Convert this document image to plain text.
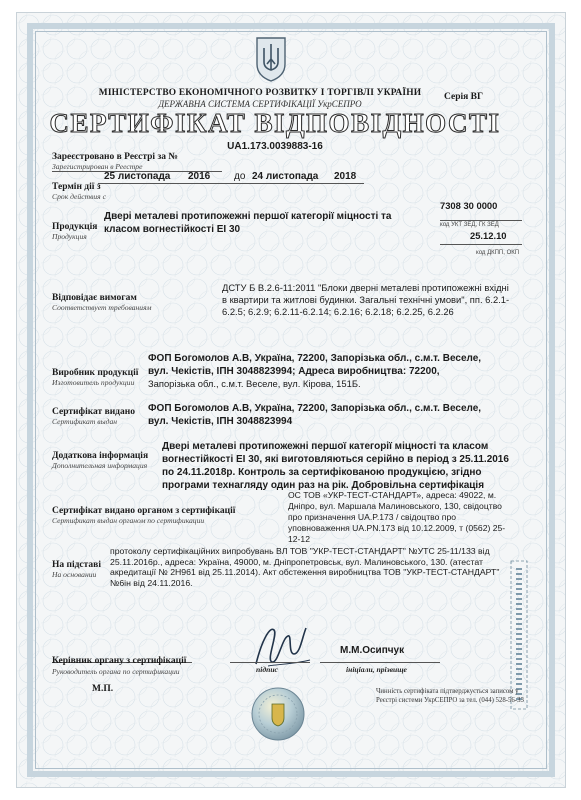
МІНІСТЕРСТВО ЕКОНОМІЧНОГО РОЗВИТКУ І ТОРГІВЛІ УКРАЇНИ
ДЕРЖАВНА СИСТЕМА СЕРТИФІКАЦІЇ УкрСЕПРО
Серія ВГ
СЕРТИФІКАТ ВІДПОВІДНОСТІ
UA1.173.0039883-16
Зареєстровано в Реєстрі за №
Зарегистрирован в Реестре
25 листопада 2016 до 24 листопада 2018
Термін дії з
Срок действия с
Продукція
Продукция
Двері металеві протипожежні першої категорії міцності та класом вогнестійкості ЕІ 30
7308 30 0000
код УКТ ЗЕД, ГК ЗЕД
25.12.10
код ДКПП, ОКП
Відповідає вимогам
Соответствует требованиям
ДСТУ Б В.2.6-11:2011 "Блоки дверні металеві протипожежні вхідні в квартири та житлові будинки. Загальні технічні умови", пп. 6.2.1-6.2.5; 6.2.9; 6.2.11-6.2.14; 6.2.16; 6.2.18; 6.2.25, 6.2.26
Виробник продукції
Изготовитель продукции
ФОП Богомолов А.В, Україна, 72200, Запорізька обл., с.м.т. Веселе,
вул. Чекістів, ІПН 3048823994; Адреса виробництва: 72200,
Запорізька обл., с.м.т. Веселе, вул. Кірова, 151Б.
Сертифікат видано
Сертификат выдан
ФОП Богомолов А.В, Україна, 72200, Запорізька обл., с.м.т. Веселе,
вул. Чекістів, ІПН 3048823994
Додаткова інформація
Дополнительная информация
Двері металеві протипожежні першої категорії міцності та класом вогнестійкості ЕІ 30, які виготовляються серійно в період з 25.11.2016 по 24.11.2018р. Контроль за сертифікованою продукцією, згідно програми технагляду один раз на рік. Добровільна сертифікація
Сертифікат видано органом з сертифікації
Сертификат выдан органом по сертификации
ОС ТОВ «УКР-ТЕСТ-СТАНДАРТ», адреса: 49022, м. Дніпро, вул. Маршала Малиновського, 130, свідоцтво про призначення UA.P.173 / свідоцтво про уповноваження UA.PN.173 від 10.12.2009, т (0562) 25-12-12
На підставі
На основании
протоколу сертифікаційних випробувань ВЛ ТОВ "УКР-ТЕСТ-СТАНДАРТ" №УТС 25-11/133 від 25.11.2016р., адреса: Україна, 49000, м. Дніпропетровськ, вул. Малиновського, 130. (атестат акредитації № 2Н961 від 25.11.2014). Акт обстеження виробництва ТОВ "УКР-ТЕСТ-СТАНДАРТ" №6ін від 24.11.2016.
М.М.Осипчук
Керівник органу з сертифікації
Руководитель органа по сертификации	підпис	ініціали, прізвище
М.П.	Чинність сертифіката підтверджується записом у Реєстрі системи УкрСЕПРО за тел. (044) 528-56-33
